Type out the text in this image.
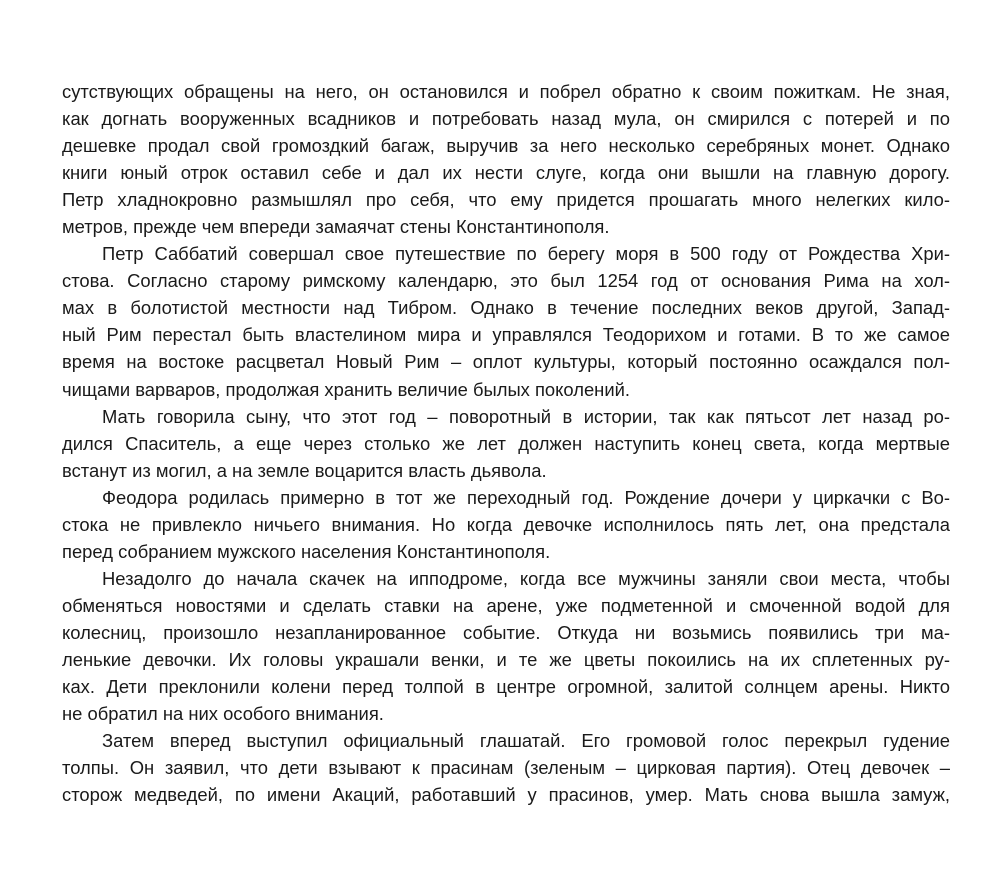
сутствующих обращены на него, он остановился и побрел обратно к своим пожиткам. Не зная,
как догнать вооруженных всадников и потребовать назад мула, он смирился с потерей и по
дешевке продал свой громоздкий багаж, выручив за него несколько серебряных монет. Однако
книги юный отрок оставил себе и дал их нести слуге, когда они вышли на главную дорогу.
Петр хладнокровно размышлял про себя, что ему придется прошагать много нелегких кило-
метров, прежде чем впереди замаячат стены Константинополя.
Петр Саббатий совершал свое путешествие по берегу моря в 500 году от Рождества Хри-
стова. Согласно старому римскому календарю, это был 1254 год от основания Рима на хол-
мах в болотистой местности над Тибром. Однако в течение последних веков другой, Запад-
ный Рим перестал быть властелином мира и управлялся Теодорихом и готами. В то же самое
время на востоке расцветал Новый Рим – оплот культуры, который постоянно осаждался пол-
чищами варваров, продолжая хранить величие былых поколений.
Мать говорила сыну, что этот год – поворотный в истории, так как пятьсот лет назад ро-
дился Спаситель, а еще через столько же лет должен наступить конец света, когда мертвые
встанут из могил, а на земле воцарится власть дьявола.
Феодора родилась примерно в тот же переходный год. Рождение дочери у циркачки с Во-
стока не привлекло ничьего внимания. Но когда девочке исполнилось пять лет, она предстала
перед собранием мужского населения Константинополя.
Незадолго до начала скачек на ипподроме, когда все мужчины заняли свои места, чтобы
обменяться новостями и сделать ставки на арене, уже подметенной и смоченной водой для
колесниц, произошло незапланированное событие. Откуда ни возьмись появились три ма-
ленькие девочки. Их головы украшали венки, и те же цветы покоились на их сплетенных ру-
ках. Дети преклонили колени перед толпой в центре огромной, залитой солнцем арены. Никто
не обратил на них особого внимания.
Затем вперед выступил официальный глашатай. Его громовой голос перекрыл гудение
толпы. Он заявил, что дети взывают к прасинам (зеленым – цирковая партия). Отец девочек –
сторож медведей, по имени Акаций, работавший у прасинов, умер. Мать снова вышла замуж,
